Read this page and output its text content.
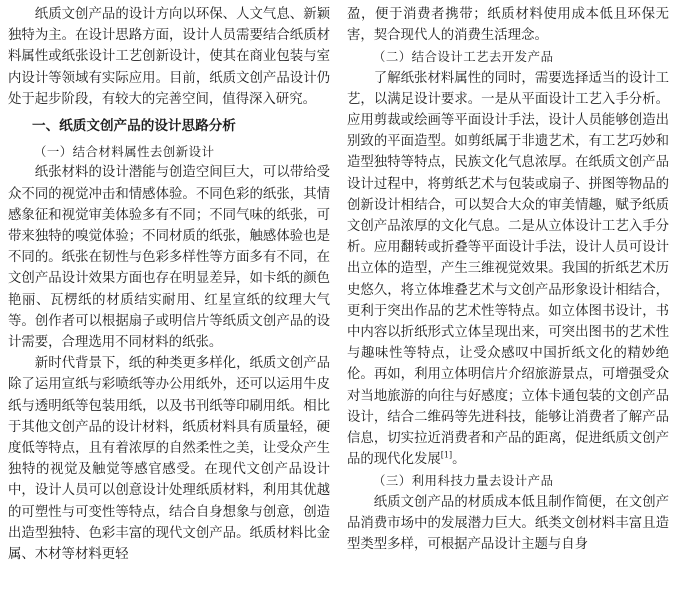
纸质文创产品的设计方向以环保、人文气息、新颖独特为主。在设计思路方面，设计人员需要结合纸质材料属性或纸张设计工艺创新设计，使其在商业包装与室内设计等领域有实际应用。目前，纸质文创产品设计仍处于起步阶段，有较大的完善空间，值得深入研究。

一、纸质文创产品的设计思路分析
（一）结合材料属性去创新设计

纸张材料的设计潜能与创造空间巨大，可以带给受众不同的视觉冲击和情感体验。不同色彩的纸张，其情感象征和视觉审美体验多有不同；不同气味的纸张，可带来独特的嗅觉体验；不同材质的纸张，触感体验也是不同的。纸张在韧性与色彩多样性等方面多有不同，在文创产品设计效果方面也存在明显差异，如卡纸的颜色艳丽、瓦楞纸的材质结实耐用、红星宣纸的纹理大气等。创作者可以根据扇子或明信片等纸质文创产品的设计需要，合理选用不同材料的纸张。

新时代背景下，纸的种类更多样化，纸质文创产品除了运用宣纸与彩喷纸等办公用纸外，还可以运用牛皮纸与透明纸等包装用纸，以及书刊纸等印刷用纸。相比于其他文创产品的设计材料，纸质材料具有质量轻，硬度低等特点，且有着浓厚的自然柔性之美，让受众产生独特的视觉及触觉等感官感受。在现代文创产品设计中，设计人员可以创意设计处理纸质材料，利用其优越的可塑性与可变性等特点，结合自身想象与创意，创造出造型独特、色彩丰富的现代文创产品。纸质材料比金属、木材等材料更轻

盈，便于消费者携带；纸质材料使用成本低且环保无害，契合现代人的消费生活理念。

（二）结合设计工艺去开发产品

了解纸张材料属性的同时，需要选择适当的设计工艺，以满足设计要求。一是从平面设计工艺入手分析。应用剪裁或绘画等平面设计手法，设计人员能够创造出别致的平面造型。如剪纸属于非遗艺术，有工艺巧妙和造型独特等特点，民族文化气息浓厚。在纸质文创产品设计过程中，将剪纸艺术与包装或扇子、拼图等物品的创新设计相结合，可以契合大众的审美情趣，赋予纸质文创产品浓厚的文化气息。二是从立体设计工艺入手分析。应用翻转或折叠等平面设计手法，设计人员可设计出立体的造型，产生三维视觉效果。我国的折纸艺术历史悠久，将立体堆叠艺术与文创产品形象设计相结合，更利于突出作品的艺术性等特点。如立体图书设计，书中内容以折纸形式立体呈现出来，可突出图书的艺术性与趣味性等特点，让受众感叹中国折纸文化的精妙绝伦。再如，利用立体明信片介绍旅游景点，可增强受众对当地旅游的向往与好感度；立体卡通包装的文创产品设计，结合二维码等先进科技，能够让消费者了解产品信息，切实拉近消费者和产品的距离，促进纸质文创产品的现代化发展[1]。

（三）利用科技力量去设计产品

纸质文创产品的材质成本低且制作简便，在文创产品消费市场中的发展潜力巨大。纸类文创材料丰富且造型类型多样，可根据产品设计主题与自身
